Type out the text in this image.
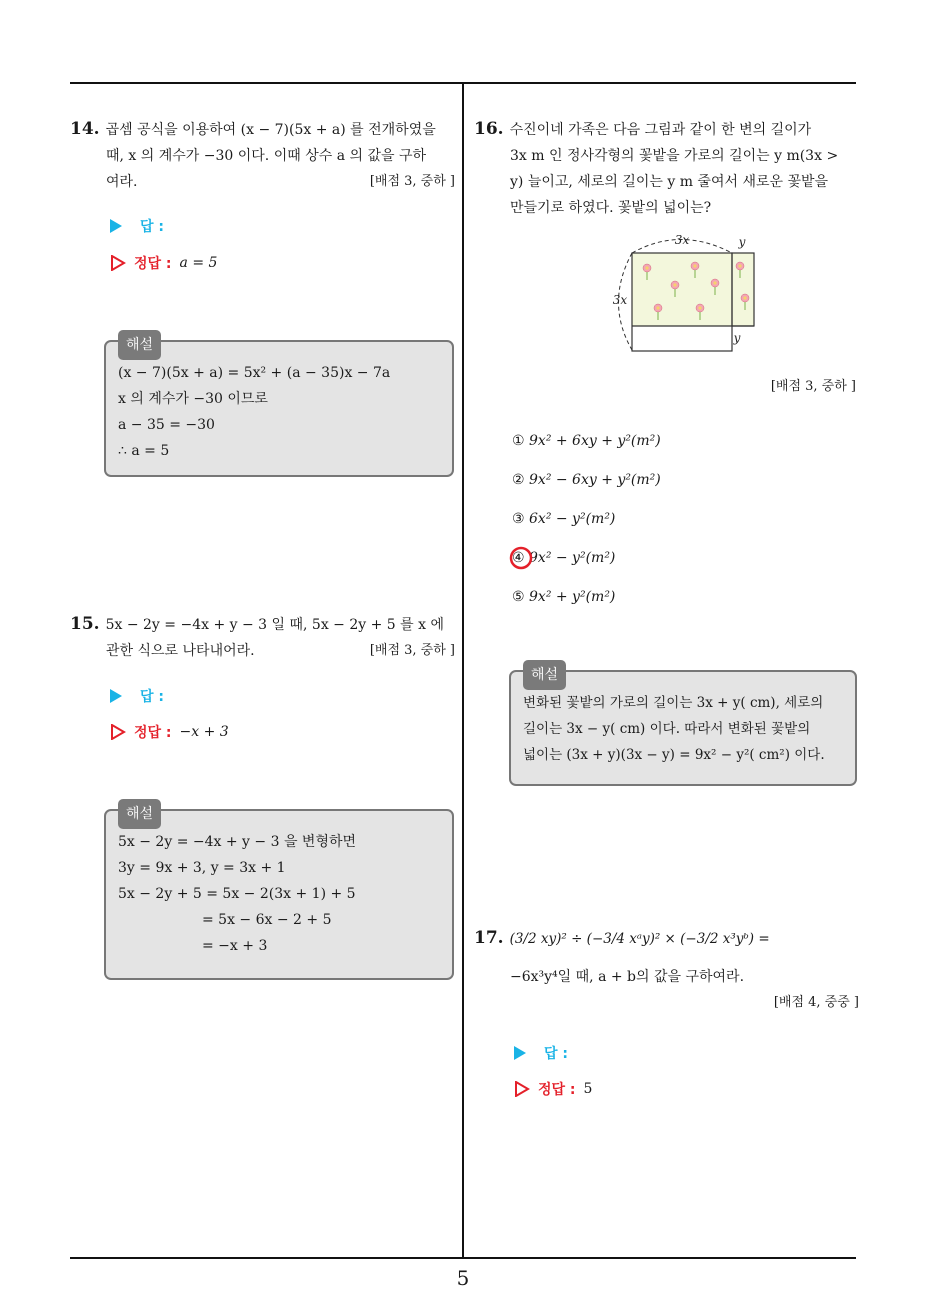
14. 곱셈 공식을 이용하여 (x − 7)(5x + a) 를 전개하였을
때, x 의 계수가 −30 이다. 이때 상수 a 의 값을 구하
여라.	[배점 3, 중하 ]
답 :
정답 : a = 5
해설
(x − 7)(5x + a) = 5x² + (a − 35)x − 7a
x 의 계수가 −30 이므로
a − 35 = −30
∴ a = 5
15. 5x − 2y = −4x + y − 3 일 때, 5x − 2y + 5 를 x 에
관한 식으로 나타내어라.	[배점 3, 중하 ]
답 :
정답 : −x + 3
해설
5x − 2y = −4x + y − 3 을 변형하면
3y = 9x + 3, y = 3x + 1
5x − 2y + 5 = 5x − 2(3x + 1) + 5
= 5x − 6x − 2 + 5
= −x + 3
16. 수진이네 가족은 다음 그림과 같이 한 변의 길이가
3x m 인 정사각형의 꽃밭을 가로의 길이는 y m(3x >
y) 늘이고, 세로의 길이는 y m 줄여서 새로운 꽃밭을
만들기로 하였다. 꽃밭의 넓이는?
3x	y
3x
y
[배점 3, 중하 ]
① 9x² + 6xy + y²(m²)
② 9x² − 6xy + y²(m²)
③ 6x² − y²(m²)
④ 9x² − y²(m²)
⑤ 9x² + y²(m²)
해설
변화된 꽃밭의 가로의 길이는 3x + y( cm), 세로의
길이는 3x − y( cm) 이다. 따라서 변화된 꽃밭의
넓이는 (3x + y)(3x − y) = 9x² − y²( cm²) 이다.
17. (3/2 xy)² ÷ (−3/4 xᵃy)² × (−3/2 x³yᵇ) =
−6x³y⁴일 때, a + b의 값을 구하여라.
[배점 4, 중중 ]
답 :
정답 : 5
5
